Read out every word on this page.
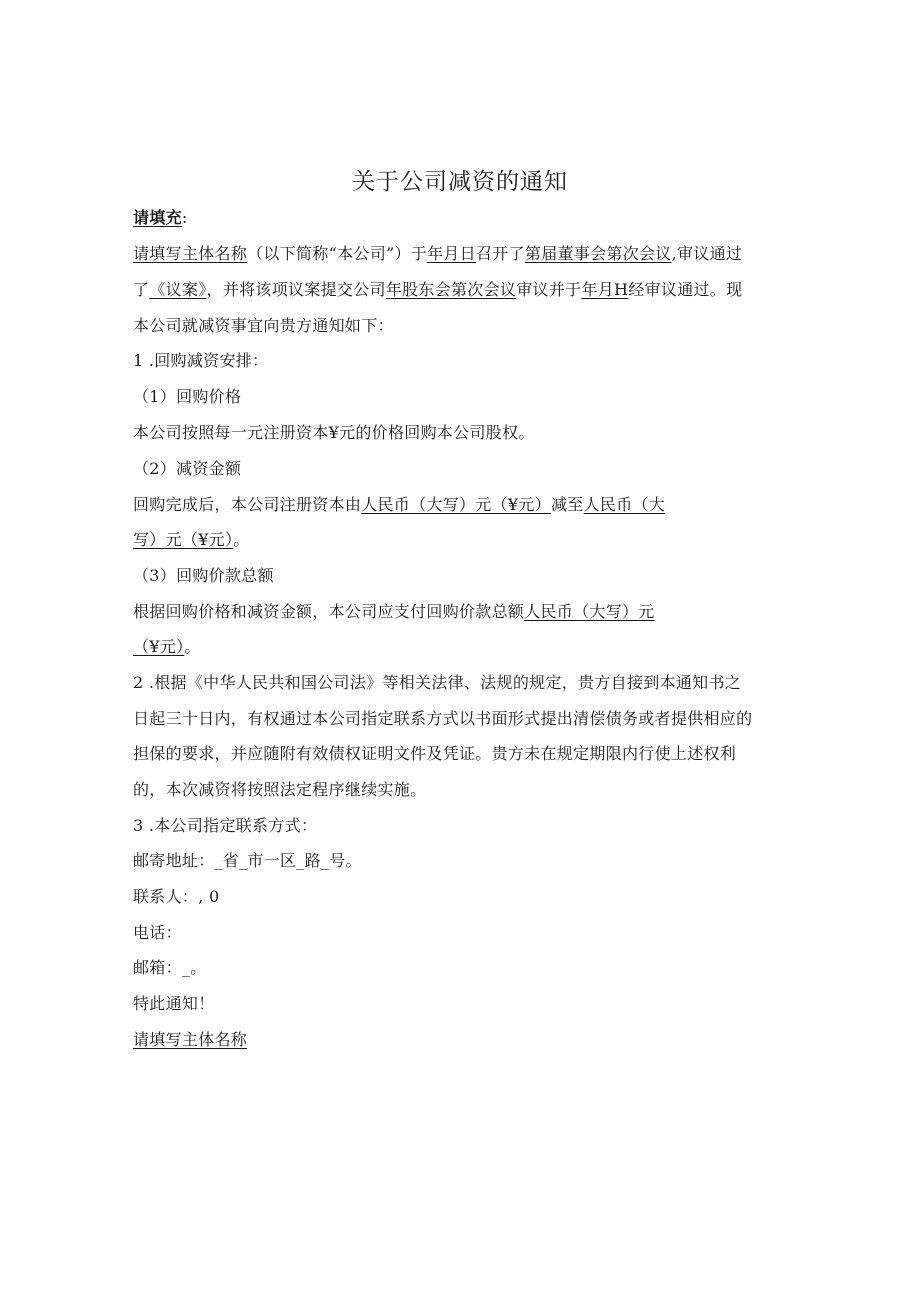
关于公司减资的通知
请填充:
请填写主体名称（以下简称“本公司”）于年月日召开了第届董事会第次会议,审议通过
了《议案》，并将该项议案提交公司年股东会第次会议审议并于年月H经审议通过。现
本公司就减资事宜向贵方通知如下：
1 .回购减资安排：
（1）回购价格
本公司按照每一元注册资本¥元的价格回购本公司股权。
（2）减资金额
回购完成后，本公司注册资本由人民币（大写）元（¥元）减至人民币（大
写）元（¥元）。
（3）回购价款总额
根据回购价格和减资金额，本公司应支付回购价款总额人民币（大写）元
（¥元）。
2 .根据《中华人民共和国公司法》等相关法律、法规的规定，贵方自接到本通知书之
日起三十日内，有权通过本公司指定联系方式以书面形式提出清偿债务或者提供相应的
担保的要求，并应随附有效债权证明文件及凭证。贵方未在规定期限内行使上述权利
的，本次减资将按照法定程序继续实施。
3 .本公司指定联系方式：
邮寄地址：_省_市一区_路_号。
联系人：, 0
电话：
邮箱：_。
特此通知！
请填写主体名称
